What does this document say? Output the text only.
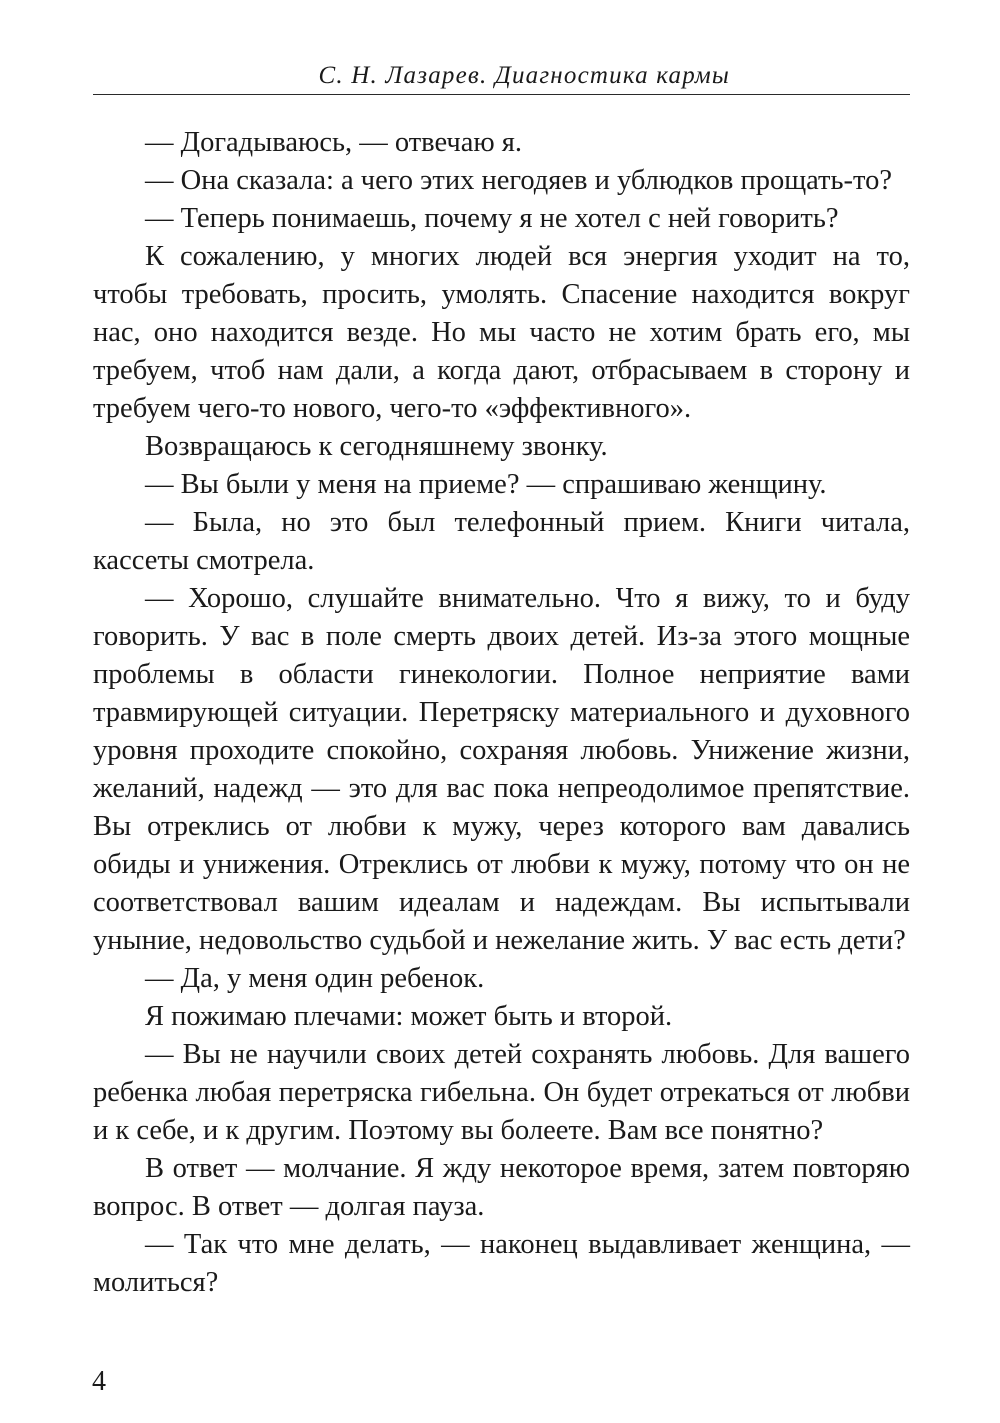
С. Н. Лазарев. Диагностика кармы

— Догадываюсь, — отвечаю я.

— Она сказала: а чего этих негодяев и ублюдков прощать-то?

— Теперь понимаешь, почему я не хотел с ней говорить?

К сожалению, у многих людей вся энергия уходит на то, чтобы требовать, просить, умолять. Спасение находится вокруг нас, оно находится везде. Но мы часто не хотим брать его, мы требуем, чтоб нам дали, а когда дают, отбрасываем в сторону и требуем чего-то нового, чего-то «эффективного».

Возвращаюсь к сегодняшнему звонку.

— Вы были у меня на приеме? — спрашиваю женщину.

— Была, но это был телефонный прием. Книги читала, кассеты смотрела.

— Хорошо, слушайте внимательно. Что я вижу, то и буду говорить. У вас в поле смерть двоих детей. Из-за этого мощные проблемы в области гинекологии. Полное неприятие вами травмирующей ситуации. Перетряску материального и духовного уровня проходите спокойно, сохраняя любовь. Унижение жизни, желаний, надежд — это для вас пока непреодолимое препятствие. Вы отреклись от любви к мужу, через которого вам давались обиды и унижения. Отреклись от любви к мужу, потому что он не соответствовал вашим идеалам и надеждам. Вы испытывали уныние, недовольство судьбой и нежелание жить. У вас есть дети?

— Да, у меня один ребенок.

Я пожимаю плечами: может быть и второй.

— Вы не научили своих детей сохранять любовь. Для вашего ребенка любая перетряска гибельна. Он будет отрекаться от любви и к себе, и к другим. Поэтому вы болеете. Вам все понятно?

В ответ — молчание. Я жду некоторое время, затем повторяю вопрос. В ответ — долгая пауза.

— Так что мне делать, — наконец выдавливает женщина, — молиться?

4
